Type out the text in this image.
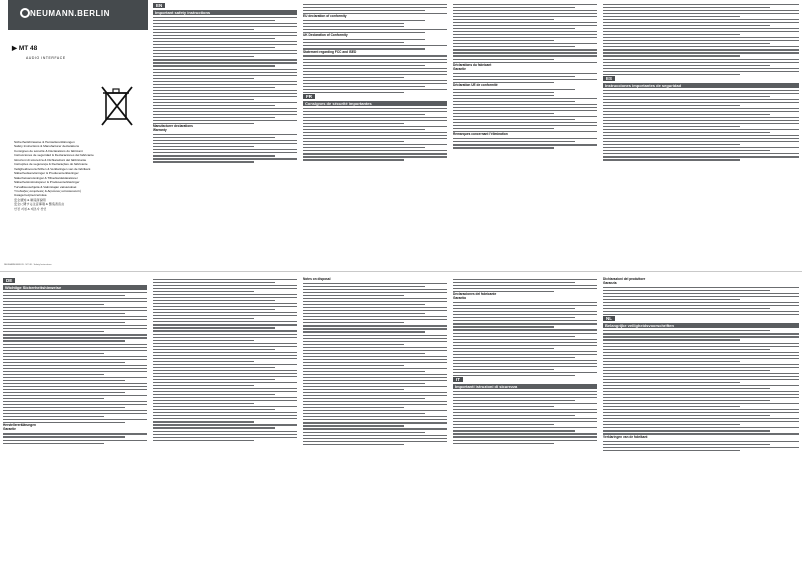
NEUMANN.BERLIN
▶ MT 48
AUDIO INTERFACE
Sicherheitshinweise & Herstellererklärungen
Safety Instructions & Manufacturer declarations
Consignes de sécurité & Déclarations du fabricant
Instrucciones de seguridad & Declaraciones del fabricante
Istruzioni di sicurezza & Dichiarazioni del fabbricante
Instruções de segurança & Declarações do fabricante
Veiligheidsvoorschriften & Verklaringen van de fabrikant
Sikkerhedsanvisninger & Producenterklæringer
Säkerhetsanvisningar & Tillverkardeklarationer
Sikkerhetsinstruksjoner & Produsenterklæringer
Turvallisuusohjeita & Valmistajan vakuutukset
Υποδείξεις ασφαλείας & Δηλώσεις κατασκευαστή
Uwaga bezpieczeństwa
安全须知 & 制造商说明
安全に関する注意事項 & 製造者宣言
안전 지침 & 제조사 선언
NEUMANN.BERLIN · MT 48 · Safety Instructions
EN
Important safety instructions
Manufacturer declarations
Warranty
EU declaration of conformity
UK Declaration of Conformity
Statement regarding FCC and ISED
FR
Consignes de sécurité importantes
Déclarations du fabricant
Garantie
Déclaration UE de conformité
Remarques concernant l'élimination
ES
Instrucciones importantes de seguridad
DE
Wichtige Sicherheitshinweise
Herstellererklärungen
Garantie
Notes on disposal
Declaraciones del fabricante
Garantía
IT
Importanti istruzioni di sicurezza
Dichiarazioni del produttore
Garanzia
NL
Belangrijke veiligheidsvoorschriften
Verklaringen van de fabrikant
